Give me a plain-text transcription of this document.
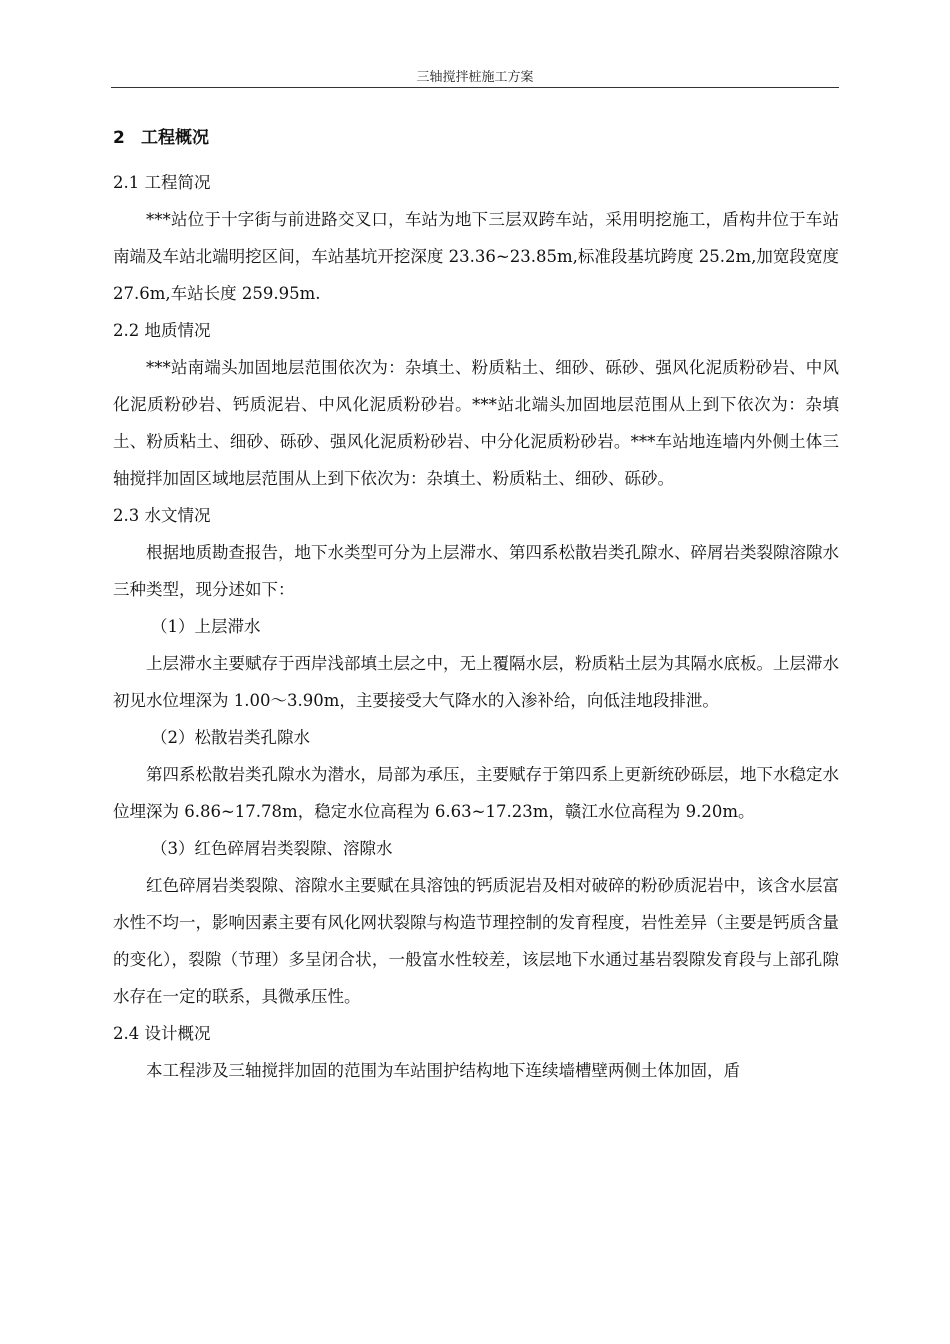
三轴搅拌桩施工方案
2 工程概况
2.1 工程简况

***站位于十字街与前进路交叉口，车站为地下三层双跨车站，采用明挖施工，盾构井位于车站南端及车站北端明挖区间，车站基坑开挖深度 23.36~23.85m,标准段基坑跨度 25.2m,加宽段宽度 27.6m,车站长度 259.95m.

2.2 地质情况

***站南端头加固地层范围依次为：杂填土、粉质粘土、细砂、砾砂、强风化泥质粉砂岩、中风化泥质粉砂岩、钙质泥岩、中风化泥质粉砂岩。***站北端头加固地层范围从上到下依次为：杂填土、粉质粘土、细砂、砾砂、强风化泥质粉砂岩、中分化泥质粉砂岩。***车站地连墙内外侧土体三轴搅拌加固区域地层范围从上到下依次为：杂填土、粉质粘土、细砂、砾砂。

2.3 水文情况

根据地质勘查报告，地下水类型可分为上层滞水、第四系松散岩类孔隙水、碎屑岩类裂隙溶隙水三种类型，现分述如下：

（1）上层滞水

上层滞水主要赋存于西岸浅部填土层之中，无上覆隔水层，粉质粘土层为其隔水底板。上层滞水初见水位埋深为 1.00～3.90m，主要接受大气降水的入渗补给，向低洼地段排泄。

（2）松散岩类孔隙水

第四系松散岩类孔隙水为潜水，局部为承压，主要赋存于第四系上更新统砂砾层，地下水稳定水位埋深为 6.86~17.78m，稳定水位高程为 6.63~17.23m，赣江水位高程为 9.20m。

（3）红色碎屑岩类裂隙、溶隙水

红色碎屑岩类裂隙、溶隙水主要赋在具溶蚀的钙质泥岩及相对破碎的粉砂质泥岩中，该含水层富水性不均一，影响因素主要有风化网状裂隙与构造节理控制的发育程度，岩性差异（主要是钙质含量的变化），裂隙（节理）多呈闭合状，一般富水性较差，该层地下水通过基岩裂隙发育段与上部孔隙水存在一定的联系，具微承压性。

2.4 设计概况

本工程涉及三轴搅拌加固的范围为车站围护结构地下连续墙槽壁两侧土体加固，盾
